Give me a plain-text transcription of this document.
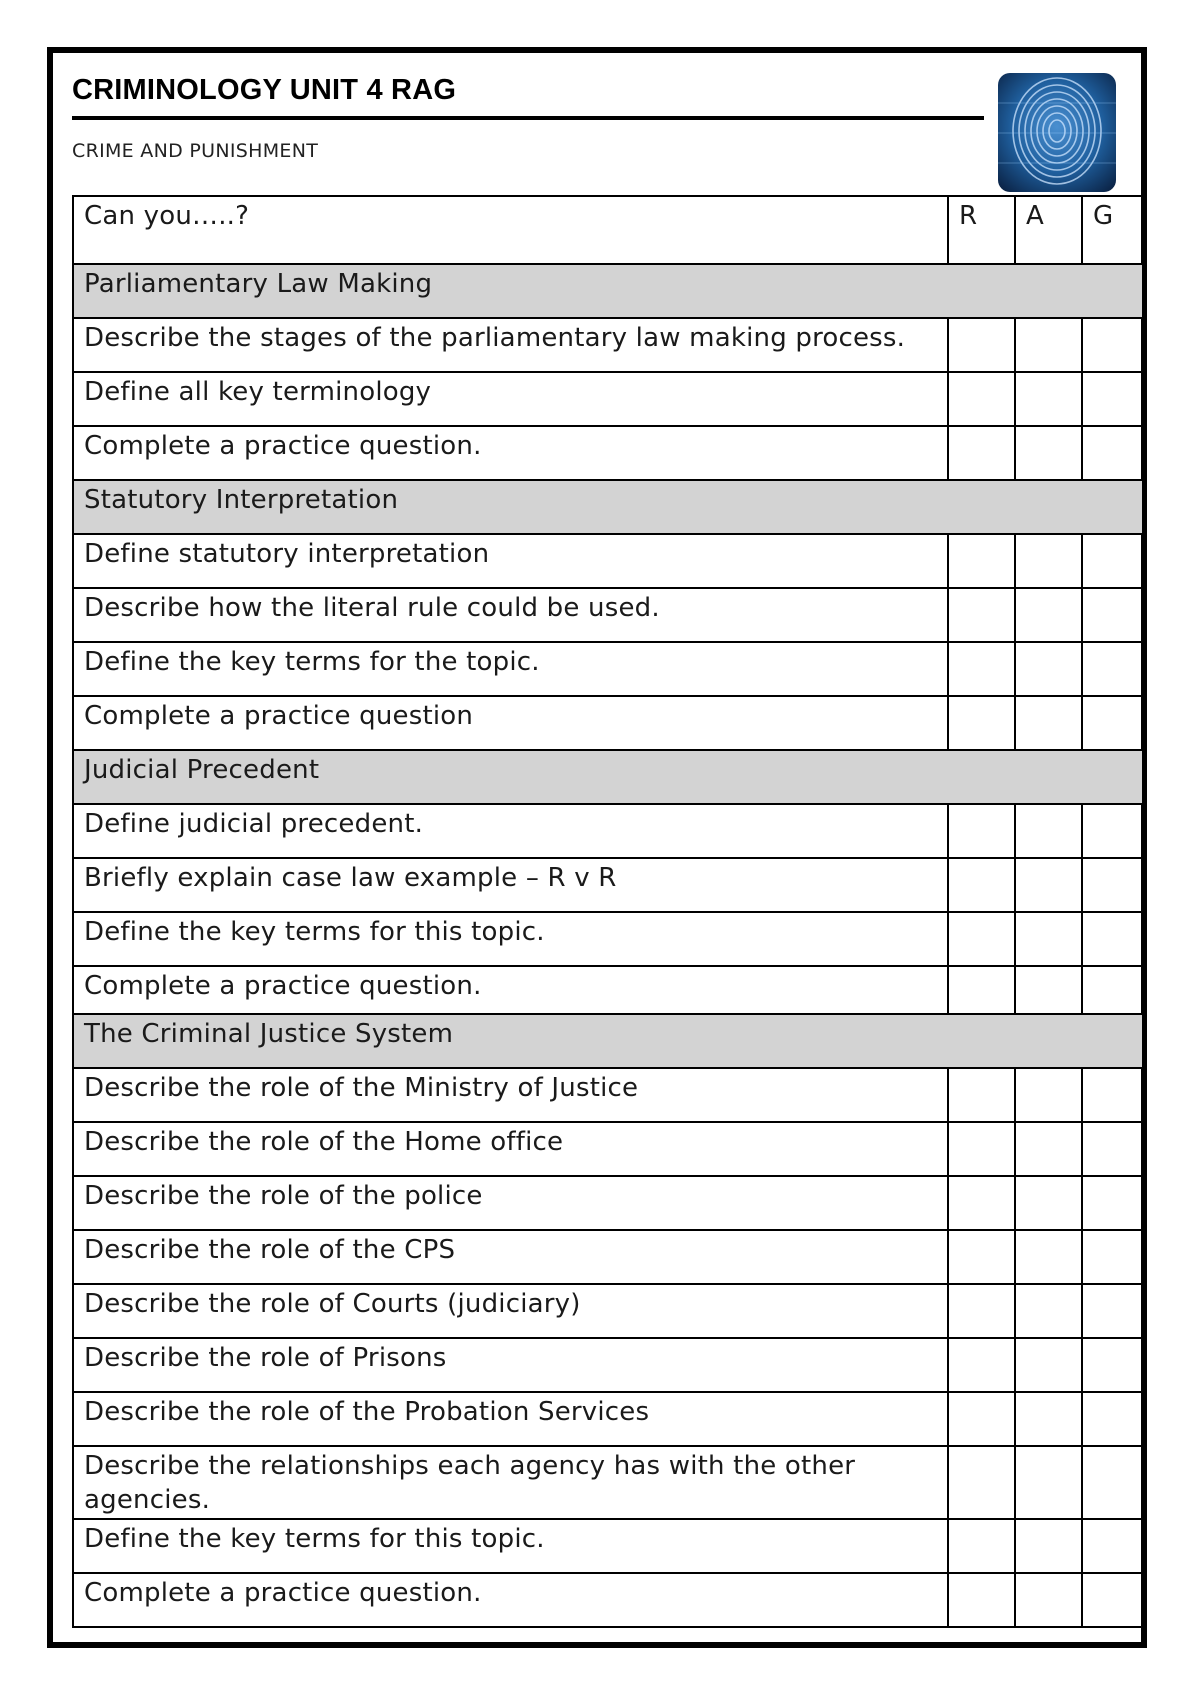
CRIMINOLOGY UNIT 4 RAG
CRIME AND PUNISHMENT
Can you…..?	R	A	G
Parliamentary Law Making			
Describe the stages of the parliamentary law making process.			
Define all key terminology			
Complete a practice question.			
Statutory Interpretation			
Define statutory interpretation			
Describe how the literal rule could be used.			
Define the key terms for the topic.			
Complete a practice question			
Judicial Precedent			
Define judicial precedent.			
Briefly explain case law example – R v R			
Define the key terms for this topic.			
Complete a practice question.			
The Criminal Justice System			
Describe the role of the Ministry of Justice			
Describe the role of the Home office			
Describe the role of the police			
Describe the role of the CPS			
Describe the role of Courts (judiciary)			
Describe the role of Prisons			
Describe the role of the Probation Services			
Describe the relationships each agency has with the other agencies.			
Define the key terms for this topic.			
Complete a practice question.			
